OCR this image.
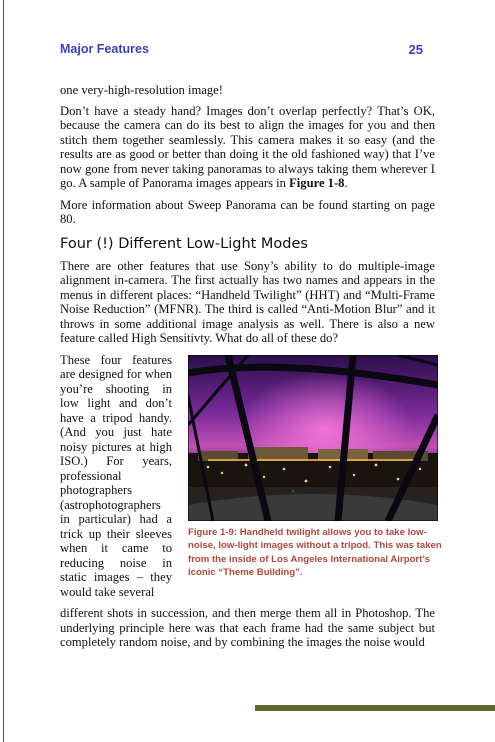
Major Features	25

one very-high-resolution image!

Don’t have a steady hand? Images don’t overlap perfectly? That’s OK, because the camera can do its best to align the images for you and then stitch them together seamlessly. This camera makes it so easy (and the results are as good or better than doing it the old fashioned way) that I’ve now gone from never taking panoramas to always taking them wherever I go. A sample of Panorama images appears in Figure 1-8.

More information about Sweep Panorama can be found starting on page 80.

Four (!) Different Low-Light Modes

There are other features that use Sony’s ability to do multiple-image alignment in-camera. The first actually has two names and appears in the menus in different places: “Handheld Twilight” (HHT) and “Multi-Frame Noise Reduction” (MFNR). The third is called “Anti-Motion Blur” and it throws in some additional image analysis as well. There is also a new feature called High Sensitivty. What do all of these do?

These four features are designed for when you’re shooting in low light and don’t have a tripod handy. (And you just hate noisy pictures at high ISO.) For years, professional photographers (astrophotographers in particular) had a trick up their sleeves when it came to reducing noise in static images – they would take several

Figure 1-9: Handheld twilight allows you to take low-noise, low-light images without a tripod. This was taken from the inside of Los Angeles International Airport’s iconic “Theme Building”.

different shots in succession, and then merge them all in Photoshop. The underlying principle here was that each frame had the same subject but completely random noise, and by combining the images the noise would
